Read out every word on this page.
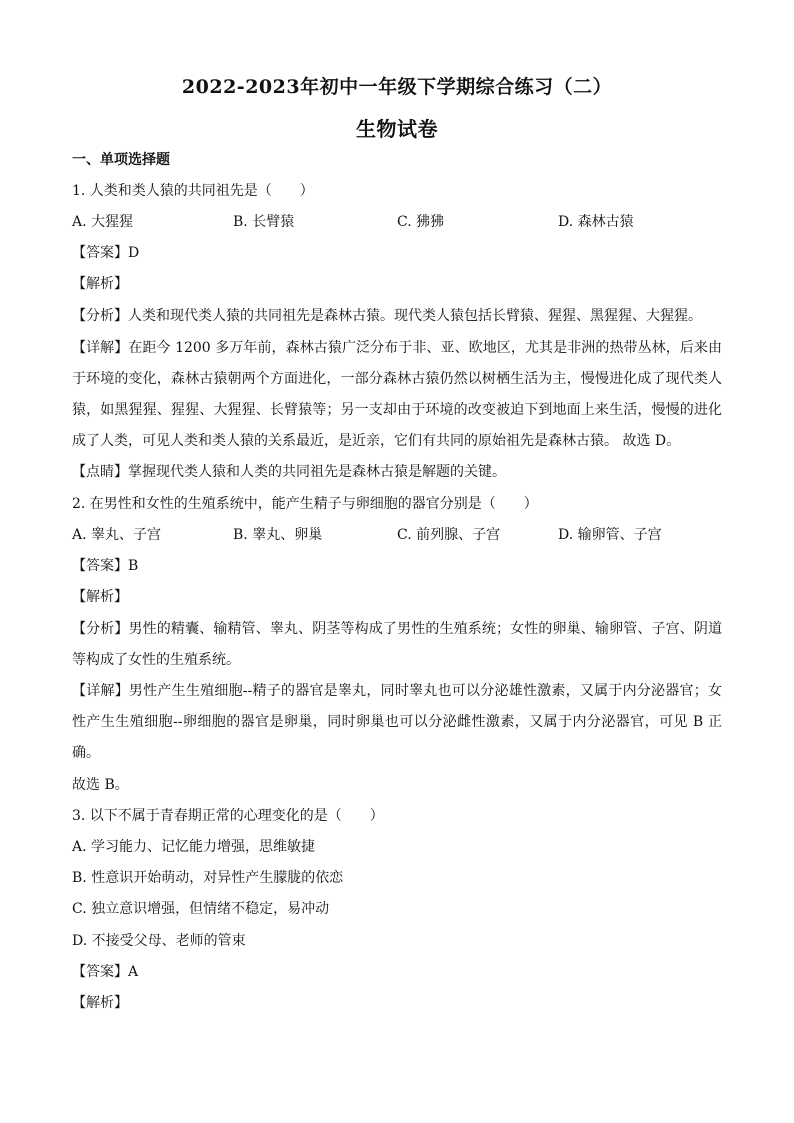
2022-2023年初中一年级下学期综合练习（二）
生物试卷
一、单项选择题
1. 人类和类人猿的共同祖先是（　　）
A. 大猩猩	B. 长臂猿	C. 狒狒	D. 森林古猿
【答案】D
【解析】
【分析】人类和现代类人猿的共同祖先是森林古猿。现代类人猿包括长臂猿、猩猩、黑猩猩、大猩猩。
【详解】在距今 1200 多万年前，森林古猿广泛分布于非、亚、欧地区，尤其是非洲的热带丛林，后来由
于环境的变化，森林古猿朝两个方面进化，一部分森林古猿仍然以树栖生活为主，慢慢进化成了现代类人
猿，如黑猩猩、猩猩、大猩猩、长臂猿等；另一支却由于环境的改变被迫下到地面上来生活，慢慢的进化
成了人类，可见人类和类人猿的关系最近，是近亲，它们有共同的原始祖先是森林古猿。 故选 D。
【点睛】掌握现代类人猿和人类的共同祖先是森林古猿是解题的关键。
2. 在男性和女性的生殖系统中，能产生精子与卵细胞的器官分别是（　　）
A. 睾丸、子宫	B. 睾丸、卵巢	C. 前列腺、子宫	D. 输卵管、子宫
【答案】B
【解析】
【分析】男性的精囊、输精管、睾丸、阴茎等构成了男性的生殖系统；女性的卵巢、输卵管、子宫、阴道
等构成了女性的生殖系统。
【详解】男性产生生殖细胞--精子的器官是睾丸，同时睾丸也可以分泌雄性激素，又属于内分泌器官；女
性产生生殖细胞--卵细胞的器官是卵巢，同时卵巢也可以分泌雌性激素，又属于内分泌器官，可见 B 正
确。
故选 B。
3. 以下不属于青春期正常的心理变化的是（　　）
A. 学习能力、记忆能力增强，思维敏捷
B. 性意识开始萌动，对异性产生朦胧的依恋
C. 独立意识增强，但情绪不稳定，易冲动
D. 不接受父母、老师的管束
【答案】A
【解析】
